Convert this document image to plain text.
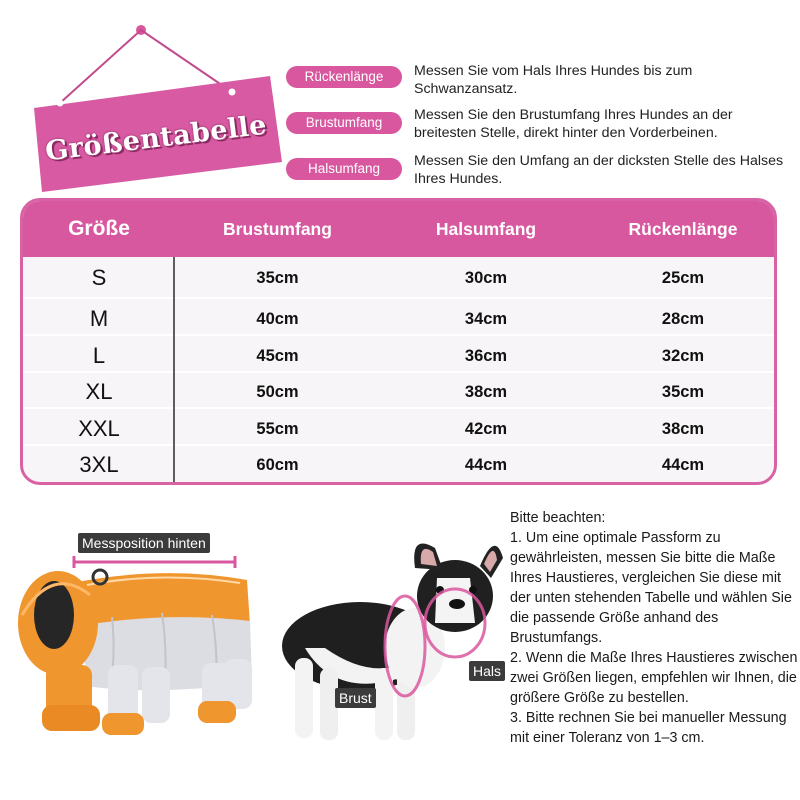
Größentabelle
Rückenlänge	Messen Sie vom Hals Ihres Hundes bis zum Schwanzansatz.
Brustumfang	Messen Sie den Brustumfang Ihres Hundes an der breitesten Stelle, direkt hinter den Vorderbeinen.
Halsumfang	Messen Sie den Umfang an der dicksten Stelle des Halses Ihres Hundes.
Größe	Brustumfang	Halsumfang	Rückenlänge
S	35cm	30cm	25cm
M	40cm	34cm	28cm
L	45cm	36cm	32cm
XL	50cm	38cm	35cm
XXL	55cm	42cm	38cm
3XL	60cm	44cm	44cm
Messposition hinten
Brust
Hals

Bitte beachten:

1. Um eine optimale Passform zu gewährleisten, messen Sie bitte die Maße Ihres Haustieres, vergleichen Sie diese mit der unten stehenden Tabelle und wählen Sie die passende Größe anhand des Brustumfangs.

2. Wenn die Maße Ihres Haustieres zwischen zwei Größen liegen, empfehlen wir Ihnen, die größere Größe zu bestellen.

3. Bitte rechnen Sie bei manueller Messung mit einer Toleranz von 1–3 cm.
